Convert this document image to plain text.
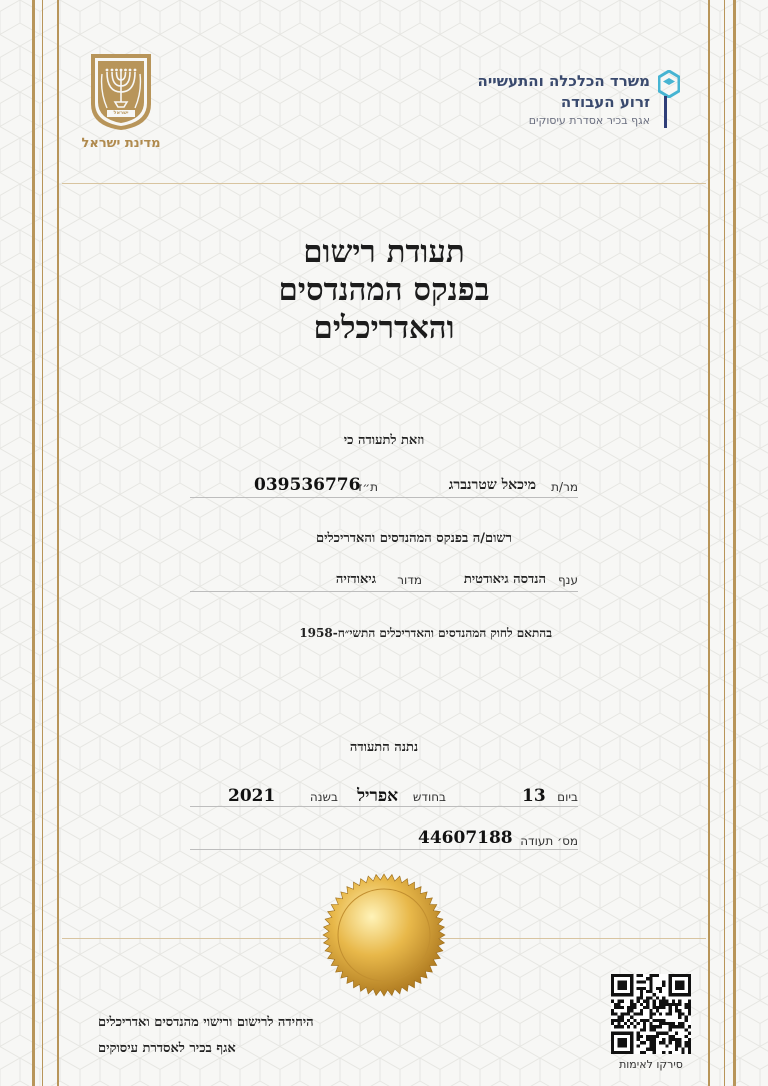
משרד הכלכלה והתעשייה
זרוע העבודה
אגף בכיר אסדרת עיסוקים
ישראל
מדינת ישראל
תעודת רישום
בפנקס המהנדסים
והאדריכלים
וזאת לתעודה כי
מר/ת
מיכאל שטרנברג
ת״ז
039536776
רשום/ה בפנקס המהנדסים והאדריכלים
ענף
הנדסה גיאודטית
מדור
גיאודזיה
בהתאם לחוק המהנדסים והאדריכלים התשי״ח-1958
נתנה התעודה
ביום
13
בחודש
אפריל
בשנה
2021
מס׳ תעודה
44607188
סירקו לאימות
היחידה לרישום ורישוי מהנדסים ואדריכלים
אגף בכיר לאסדרת עיסוקים
